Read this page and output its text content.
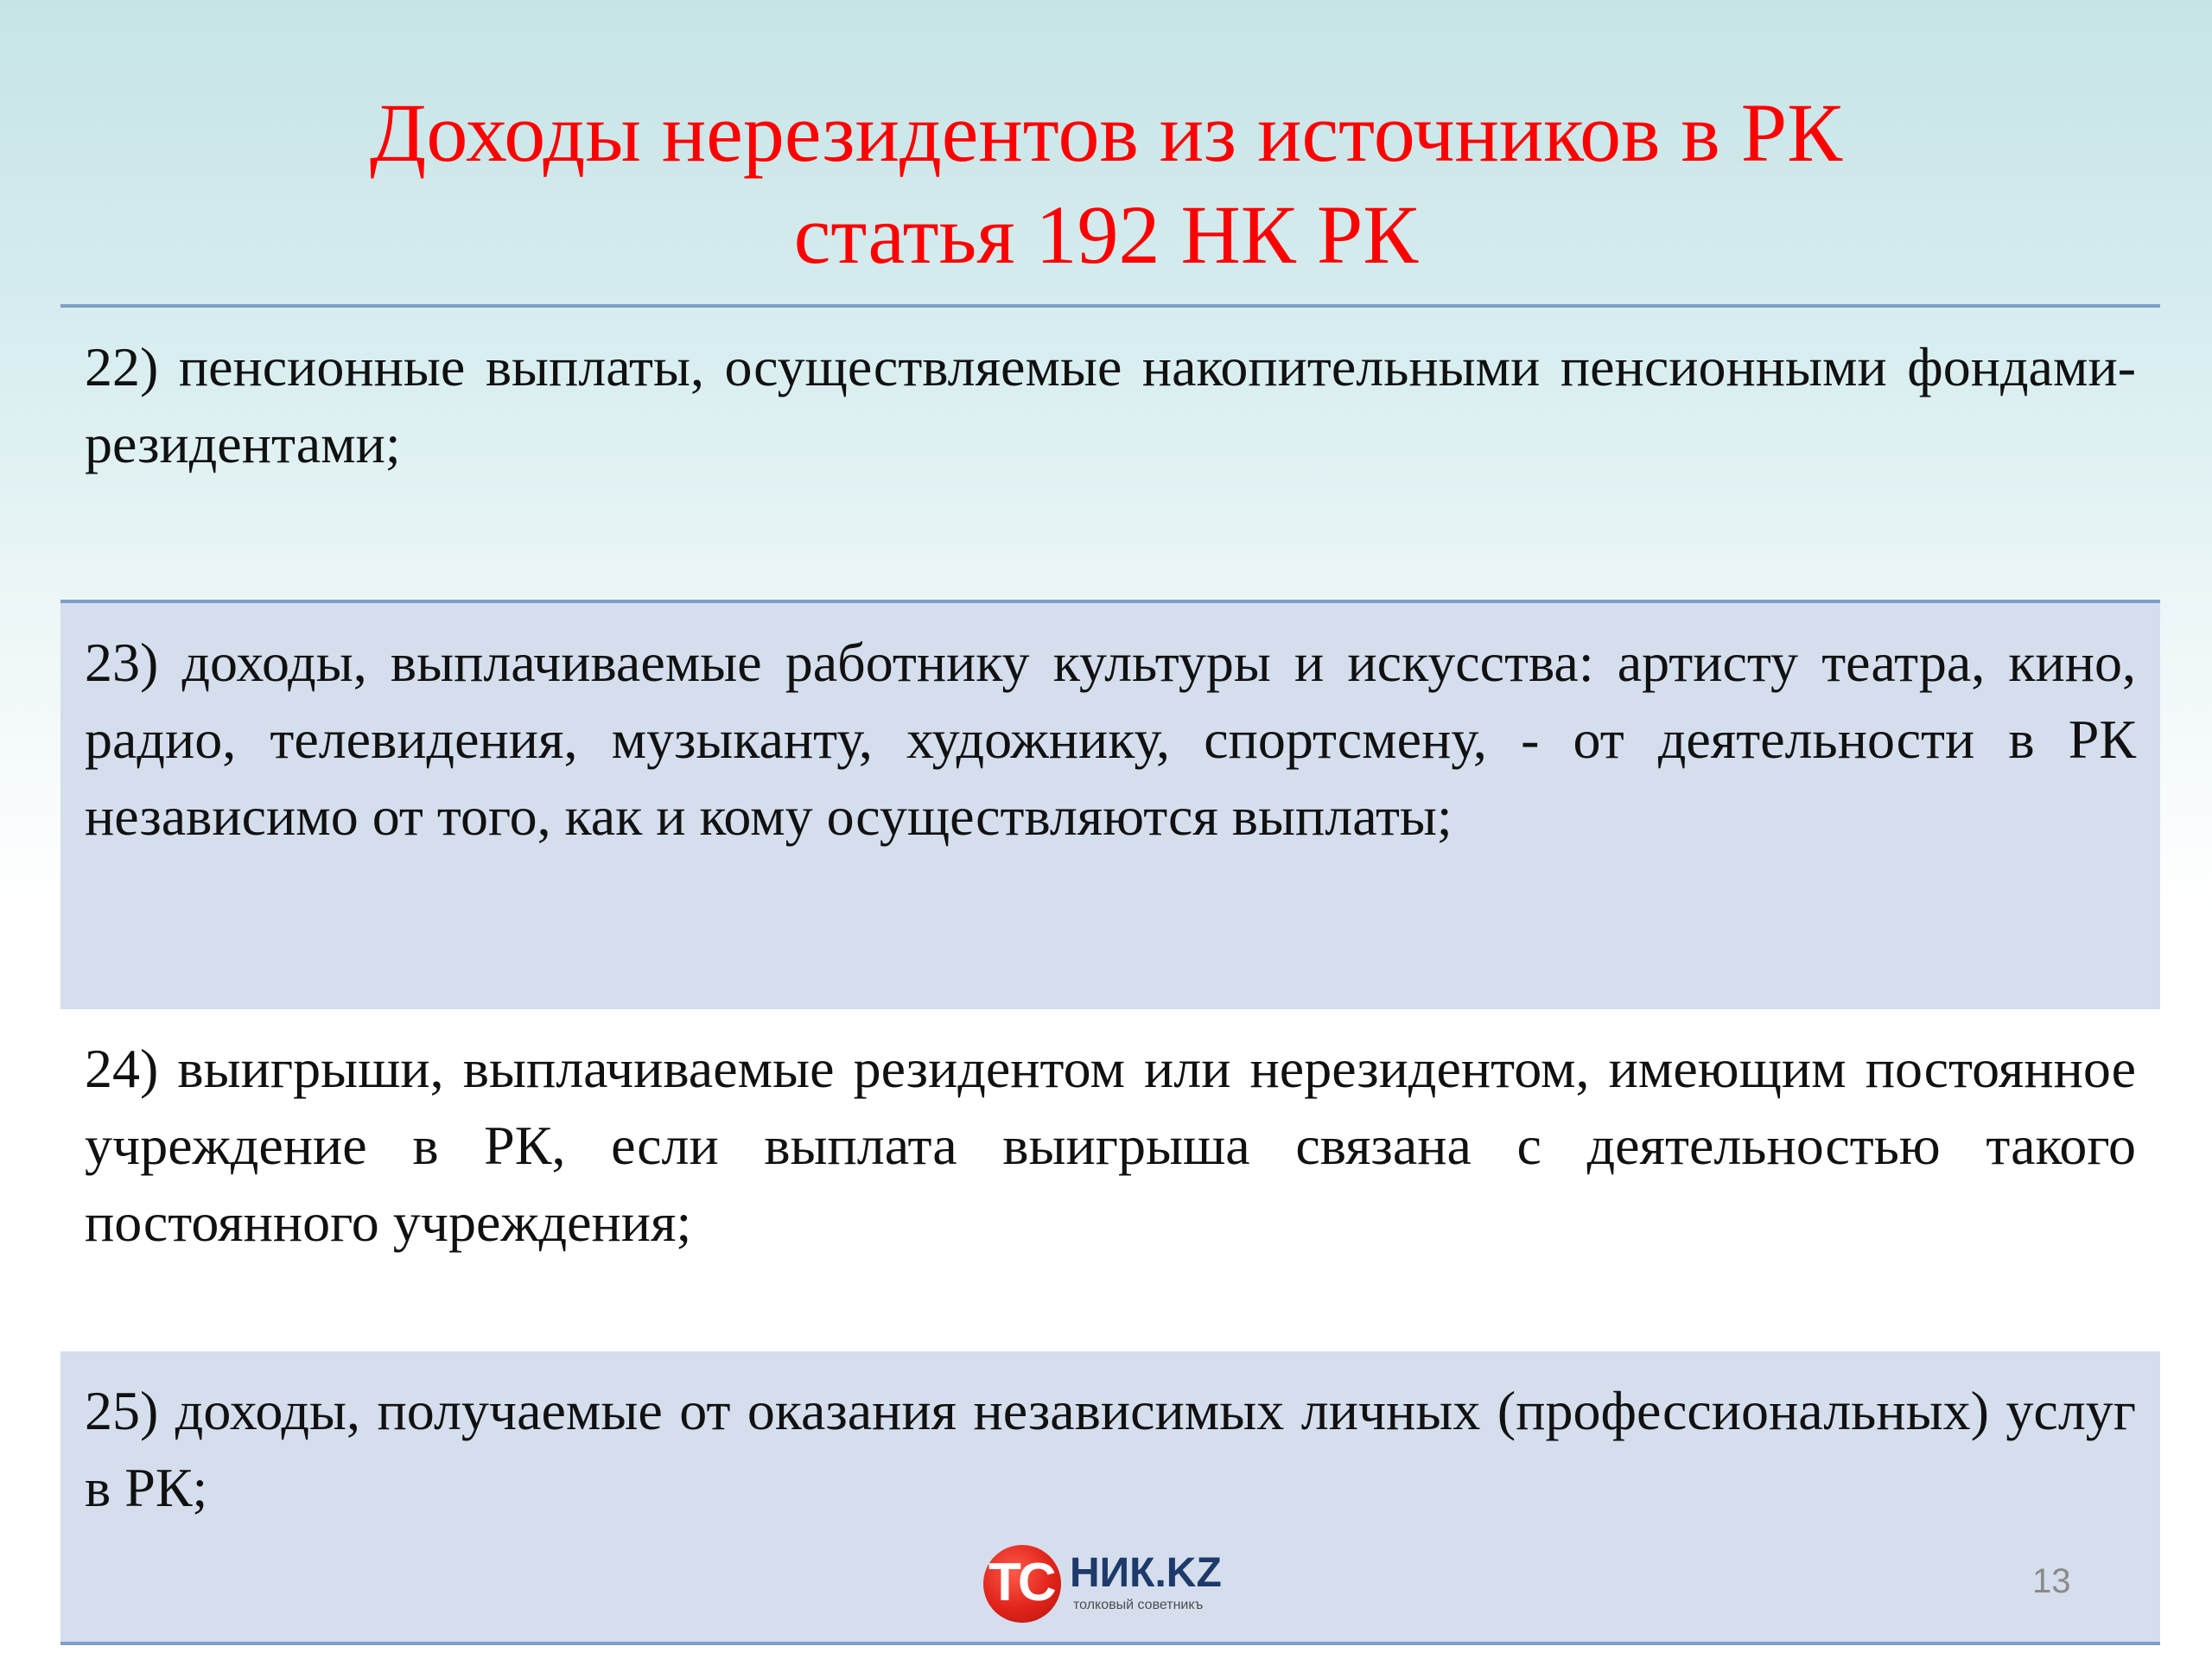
Доходы нерезидентов из источников в РК
статья 192 НК РК

22) пенсионные выплаты, осуществляемые накопительными пенсионными фондами-резидентами;

23) доходы, выплачиваемые работнику культуры и искусства: артисту театра, кино, радио, телевидения, музыканту, художнику, спортсмену, - от деятельности в РК независимо от того, как и кому осуществляются выплаты;

24) выигрыши, выплачиваемые резидентом или нерезидентом, имеющим постоянное учреждение в РК, если выплата выигрыша связана с деятельностью такого постоянного учреждения;

25) доходы, получаемые от оказания независимых личных (профессиональных) услуг в РК;

ТС НИК.KZ
толковый советникъ
13
